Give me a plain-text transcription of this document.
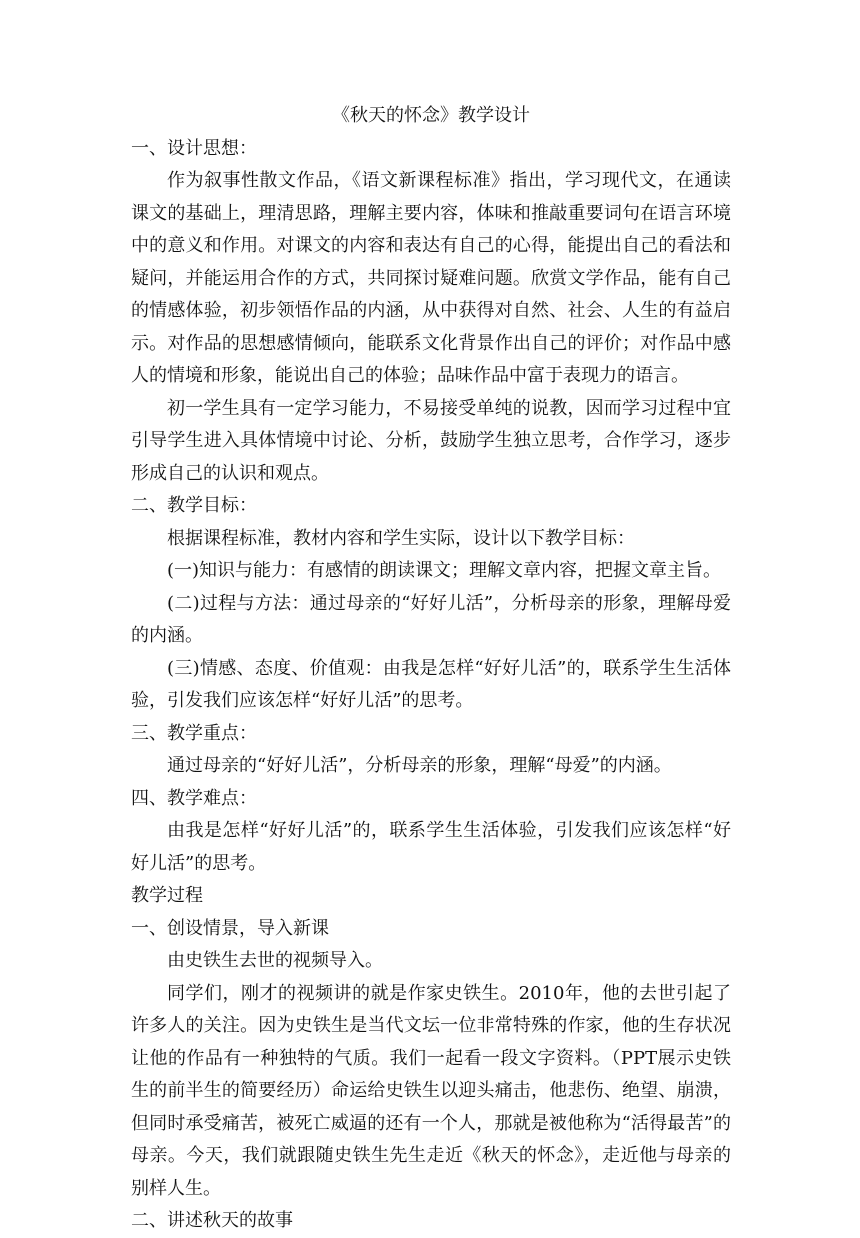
《秋天的怀念》教学设计
一、设计思想：

作为叙事性散文作品，《语文新课程标准》指出，学习现代文，在通读课文的基础上，理清思路，理解主要内容，体味和推敲重要词句在语言环境中的意义和作用。对课文的内容和表达有自己的心得，能提出自己的看法和疑问，并能运用合作的方式，共同探讨疑难问题。欣赏文学作品，能有自己的情感体验，初步领悟作品的内涵，从中获得对自然、社会、人生的有益启示。对作品的思想感情倾向，能联系文化背景作出自己的评价；对作品中感人的情境和形象，能说出自己的体验；品味作品中富于表现力的语言。

初一学生具有一定学习能力，不易接受单纯的说教，因而学习过程中宜引导学生进入具体情境中讨论、分析，鼓励学生独立思考，合作学习，逐步形成自己的认识和观点。

二、教学目标：

根据课程标准，教材内容和学生实际，设计以下教学目标：

(一)知识与能力：有感情的朗读课文；理解文章内容，把握文章主旨。

(二)过程与方法：通过母亲的“好好儿活”，分析母亲的形象，理解母爱的内涵。

(三)情感、态度、价值观：由我是怎样“好好儿活”的，联系学生生活体验，引发我们应该怎样“好好儿活”的思考。

三、教学重点：

通过母亲的“好好儿活”，分析母亲的形象，理解“母爱”的内涵。

四、教学难点：

由我是怎样“好好儿活”的，联系学生生活体验，引发我们应该怎样“好好儿活”的思考。

教学过程
一、创设情景，导入新课

由史铁生去世的视频导入。

同学们，刚才的视频讲的就是作家史铁生。2010年，他的去世引起了许多人的关注。因为史铁生是当代文坛一位非常特殊的作家，他的生存状况让他的作品有一种独特的气质。我们一起看一段文字资料。（PPT展示史铁生的前半生的简要经历）命运给史铁生以迎头痛击，他悲伤、绝望、崩溃，但同时承受痛苦，被死亡威逼的还有一个人，那就是被他称为“活得最苦”的母亲。今天，我们就跟随史铁生先生走近《秋天的怀念》，走近他与母亲的别样人生。

二、讲述秋天的故事
